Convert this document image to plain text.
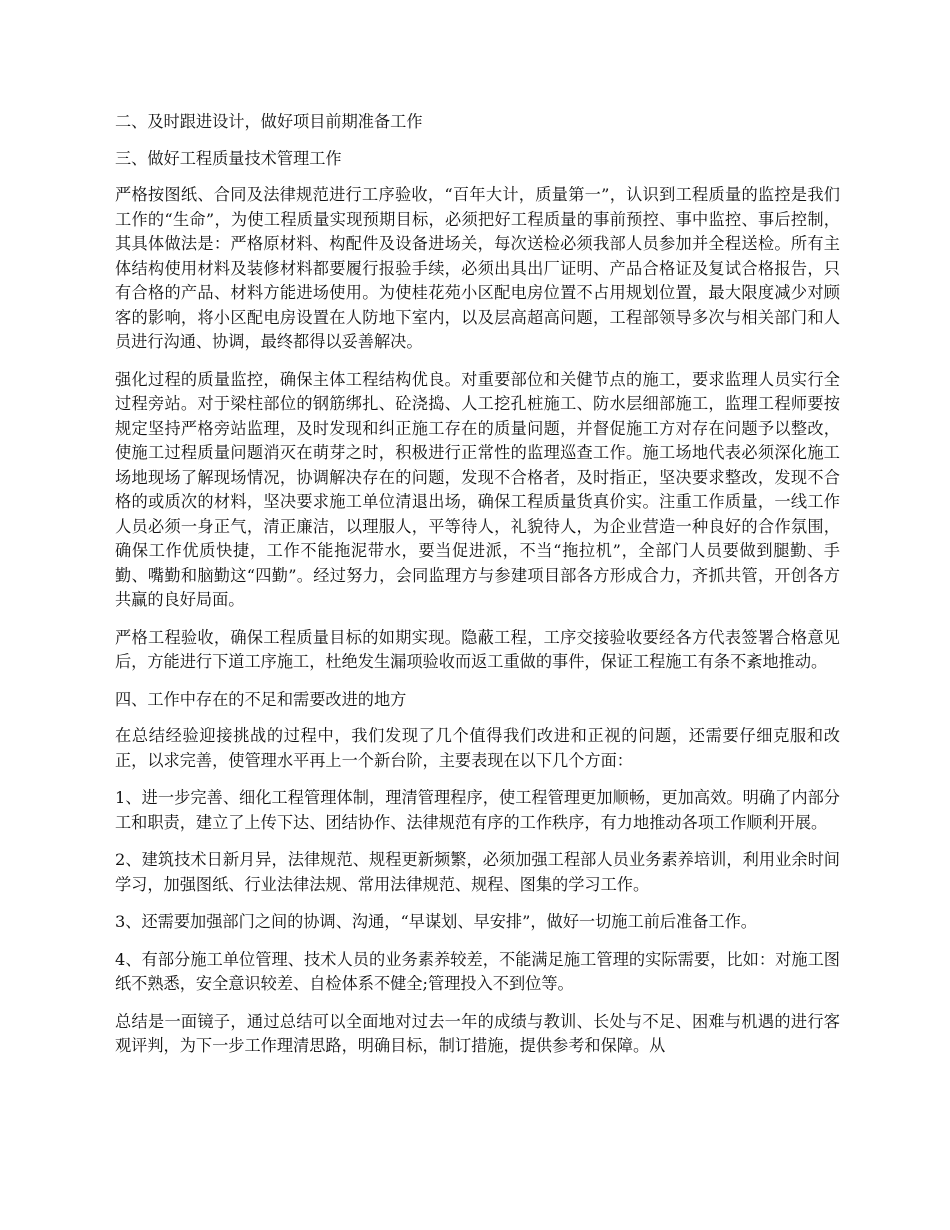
二、及时跟进设计，做好项目前期准备工作

三、做好工程质量技术管理工作

严格按图纸、合同及法律规范进行工序验收，“百年大计，质量第一”，认识到工程质量的监控是我们工作的“生命”，为使工程质量实现预期目标，必须把好工程质量的事前预控、事中监控、事后控制，其具体做法是：严格原材料、构配件及设备进场关，每次送检必须我部人员参加并全程送检。所有主体结构使用材料及装修材料都要履行报验手续，必须出具出厂证明、产品合格证及复试合格报告，只有合格的产品、材料方能进场使用。为使桂花苑小区配电房位置不占用规划位置，最大限度减少对顾客的影响，将小区配电房设置在人防地下室内，以及层高超高问题，工程部领导多次与相关部门和人员进行沟通、协调，最终都得以妥善解决。

强化过程的质量监控，确保主体工程结构优良。对重要部位和关健节点的施工，要求监理人员实行全过程旁站。对于梁柱部位的钢筋绑扎、砼浇捣、人工挖孔桩施工、防水层细部施工，监理工程师要按规定坚持严格旁站监理，及时发现和纠正施工存在的质量问题，并督促施工方对存在问题予以整改，使施工过程质量问题消灭在萌芽之时，积极进行正常性的监理巡查工作。施工场地代表必须深化施工场地现场了解现场情况，协调解决存在的问题，发现不合格者，及时指正，坚决要求整改，发现不合格的或质次的材料，坚决要求施工单位清退出场，确保工程质量货真价实。注重工作质量，一线工作人员必须一身正气，清正廉洁，以理服人，平等待人，礼貌待人，为企业营造一种良好的合作氛围，确保工作优质快捷，工作不能拖泥带水，要当促进派，不当“拖拉机”，全部门人员要做到腿勤、手勤、嘴勤和脑勤这“四勤”。经过努力，会同监理方与参建项目部各方形成合力，齐抓共管，开创各方共赢的良好局面。

严格工程验收，确保工程质量目标的如期实现。隐蔽工程，工序交接验收要经各方代表签署合格意见后，方能进行下道工序施工，杜绝发生漏项验收而返工重做的事件，保证工程施工有条不紊地推动。

四、工作中存在的不足和需要改进的地方

在总结经验迎接挑战的过程中，我们发现了几个值得我们改进和正视的问题，还需要仔细克服和改正，以求完善，使管理水平再上一个新台阶，主要表现在以下几个方面：

1、进一步完善、细化工程管理体制，理清管理程序，使工程管理更加顺畅，更加高效。明确了内部分工和职责，建立了上传下达、团结协作、法律规范有序的工作秩序，有力地推动各项工作顺利开展。

2、建筑技术日新月异，法律规范、规程更新频繁，必须加强工程部人员业务素养培训，利用业余时间学习，加强图纸、行业法律法规、常用法律规范、规程、图集的学习工作。

3、还需要加强部门之间的协调、沟通，“早谋划、早安排”，做好一切施工前后准备工作。

4、有部分施工单位管理、技术人员的业务素养较差，不能满足施工管理的实际需要，比如：对施工图纸不熟悉，安全意识较差、自检体系不健全;管理投入不到位等。

总结是一面镜子，通过总结可以全面地对过去一年的成绩与教训、长处与不足、困难与机遇的进行客观评判，为下一步工作理清思路，明确目标，制订措施，提供参考和保障。从
